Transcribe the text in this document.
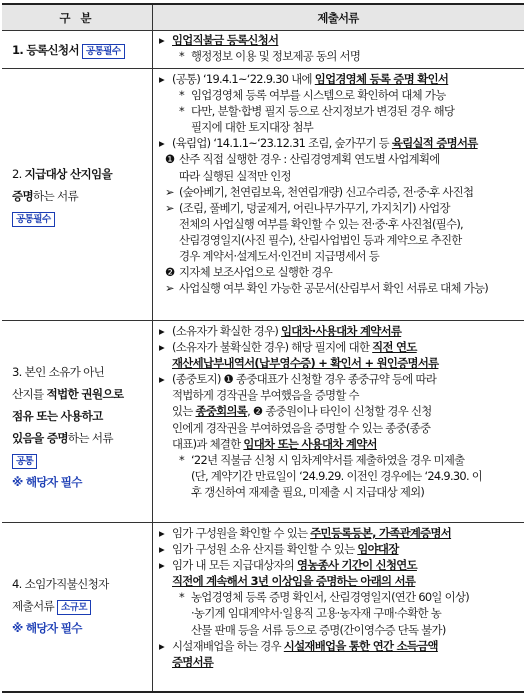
구 분	제출서류
1. 등록신청서 공통필수
▸ 임업직불금 등록신청서
* 행정정보 이용 및 정보제공 동의 서명
2. 지급대상 산지임을
증명하는 서류
공통필수
▸ (공통) ‘19.4.1~‘22.9.30 내에 임업경영체 등록 증명 확인서
* 임업경영체 등록 여부를 시스템으로 확인하여 대체 가능
* 다만, 분할·합병 필지 등으로 산지정보가 변경된 경우 해당
필지에 대한 토지대장 첨부
▸ (육림업) ‘14.1.1~‘23.12.31 조림, 숲가꾸기 등 육림실적 증명서류
❶ 산주 직접 실행한 경우 : 산림경영계획 연도별 사업계획에
따라 실행된 실적만 인정
➢ (숲아베기, 천연림보육, 천연림개량) 신고수리증, 전·중·후 사진첩
➢ (조림, 풀베기, 덩굴제거, 어린나무가꾸기, 가지치기) 사업장
전체의 사업실행 여부를 확인할 수 있는 전·중·후 사진첩(필수),
산림경영일지(사진 필수), 산림사업법인 등과 계약으로 추진한
경우 계약서·설계도서·인건비 지급명세서 등
❷ 지자체 보조사업으로 실행한 경우
➢ 사업실행 여부 확인 가능한 공문서(산림부서 확인 서류로 대체 가능)
3. 본인 소유가 아닌
산지를 적법한 권원으로
점유 또는 사용하고
있음을 증명하는 서류
공통
※ 해당자 필수
▸ (소유자가 확실한 경우) 임대차·사용대차 계약서류
▸ (소유자가 불확실한 경우) 해당 필지에 대한 직전 연도
재산세납부내역서(납부영수증) + 확인서 + 원인증명서류
▸ (종중토지) ❶ 종중대표가 신청할 경우 종중규약 등에 따라
적법하게 경작권을 부여했음을 증명할 수
있는 종중회의록, ❷ 종중원이나 타인이 신청할 경우 신청
인에게 경작권을 부여하였음을 증명할 수 있는 종중(종중
대표)과 체결한 임대차 또는 사용대차 계약서
* ‘22년 직불금 신청 시 임차계약서를 제출하였을 경우 미제출
(단, 계약기간 만료일이 ‘24.9.29. 이전인 경우에는 ‘24.9.30. 이
후 갱신하여 재제출 필요, 미제출 시 지급대상 제외)
4. 소임가직불신청자
제출서류 소규모
※ 해당자 필수
▸ 임가 구성원을 확인할 수 있는 주민등록등본, 가족관계증명서
▸ 임가 구성원 소유 산지를 확인할 수 있는 임야대장
▸ 임가 내 모든 지급대상자의 영농종사 기간이 신청연도
직전에 계속해서 3년 이상임을 증명하는 아래의 서류
* 농업경영체 등록 증명 확인서, 산림경영일지(연간 60일 이상)
·농기계 임대계약서·일용직 고용·농자재 구매·수확한 농
산물 판매 등을 서류 등으로 증명(간이영수증 단독 불가)
▸ 시설재배업을 하는 경우 시설재배업을 통한 연간 소득금액
증명서류
